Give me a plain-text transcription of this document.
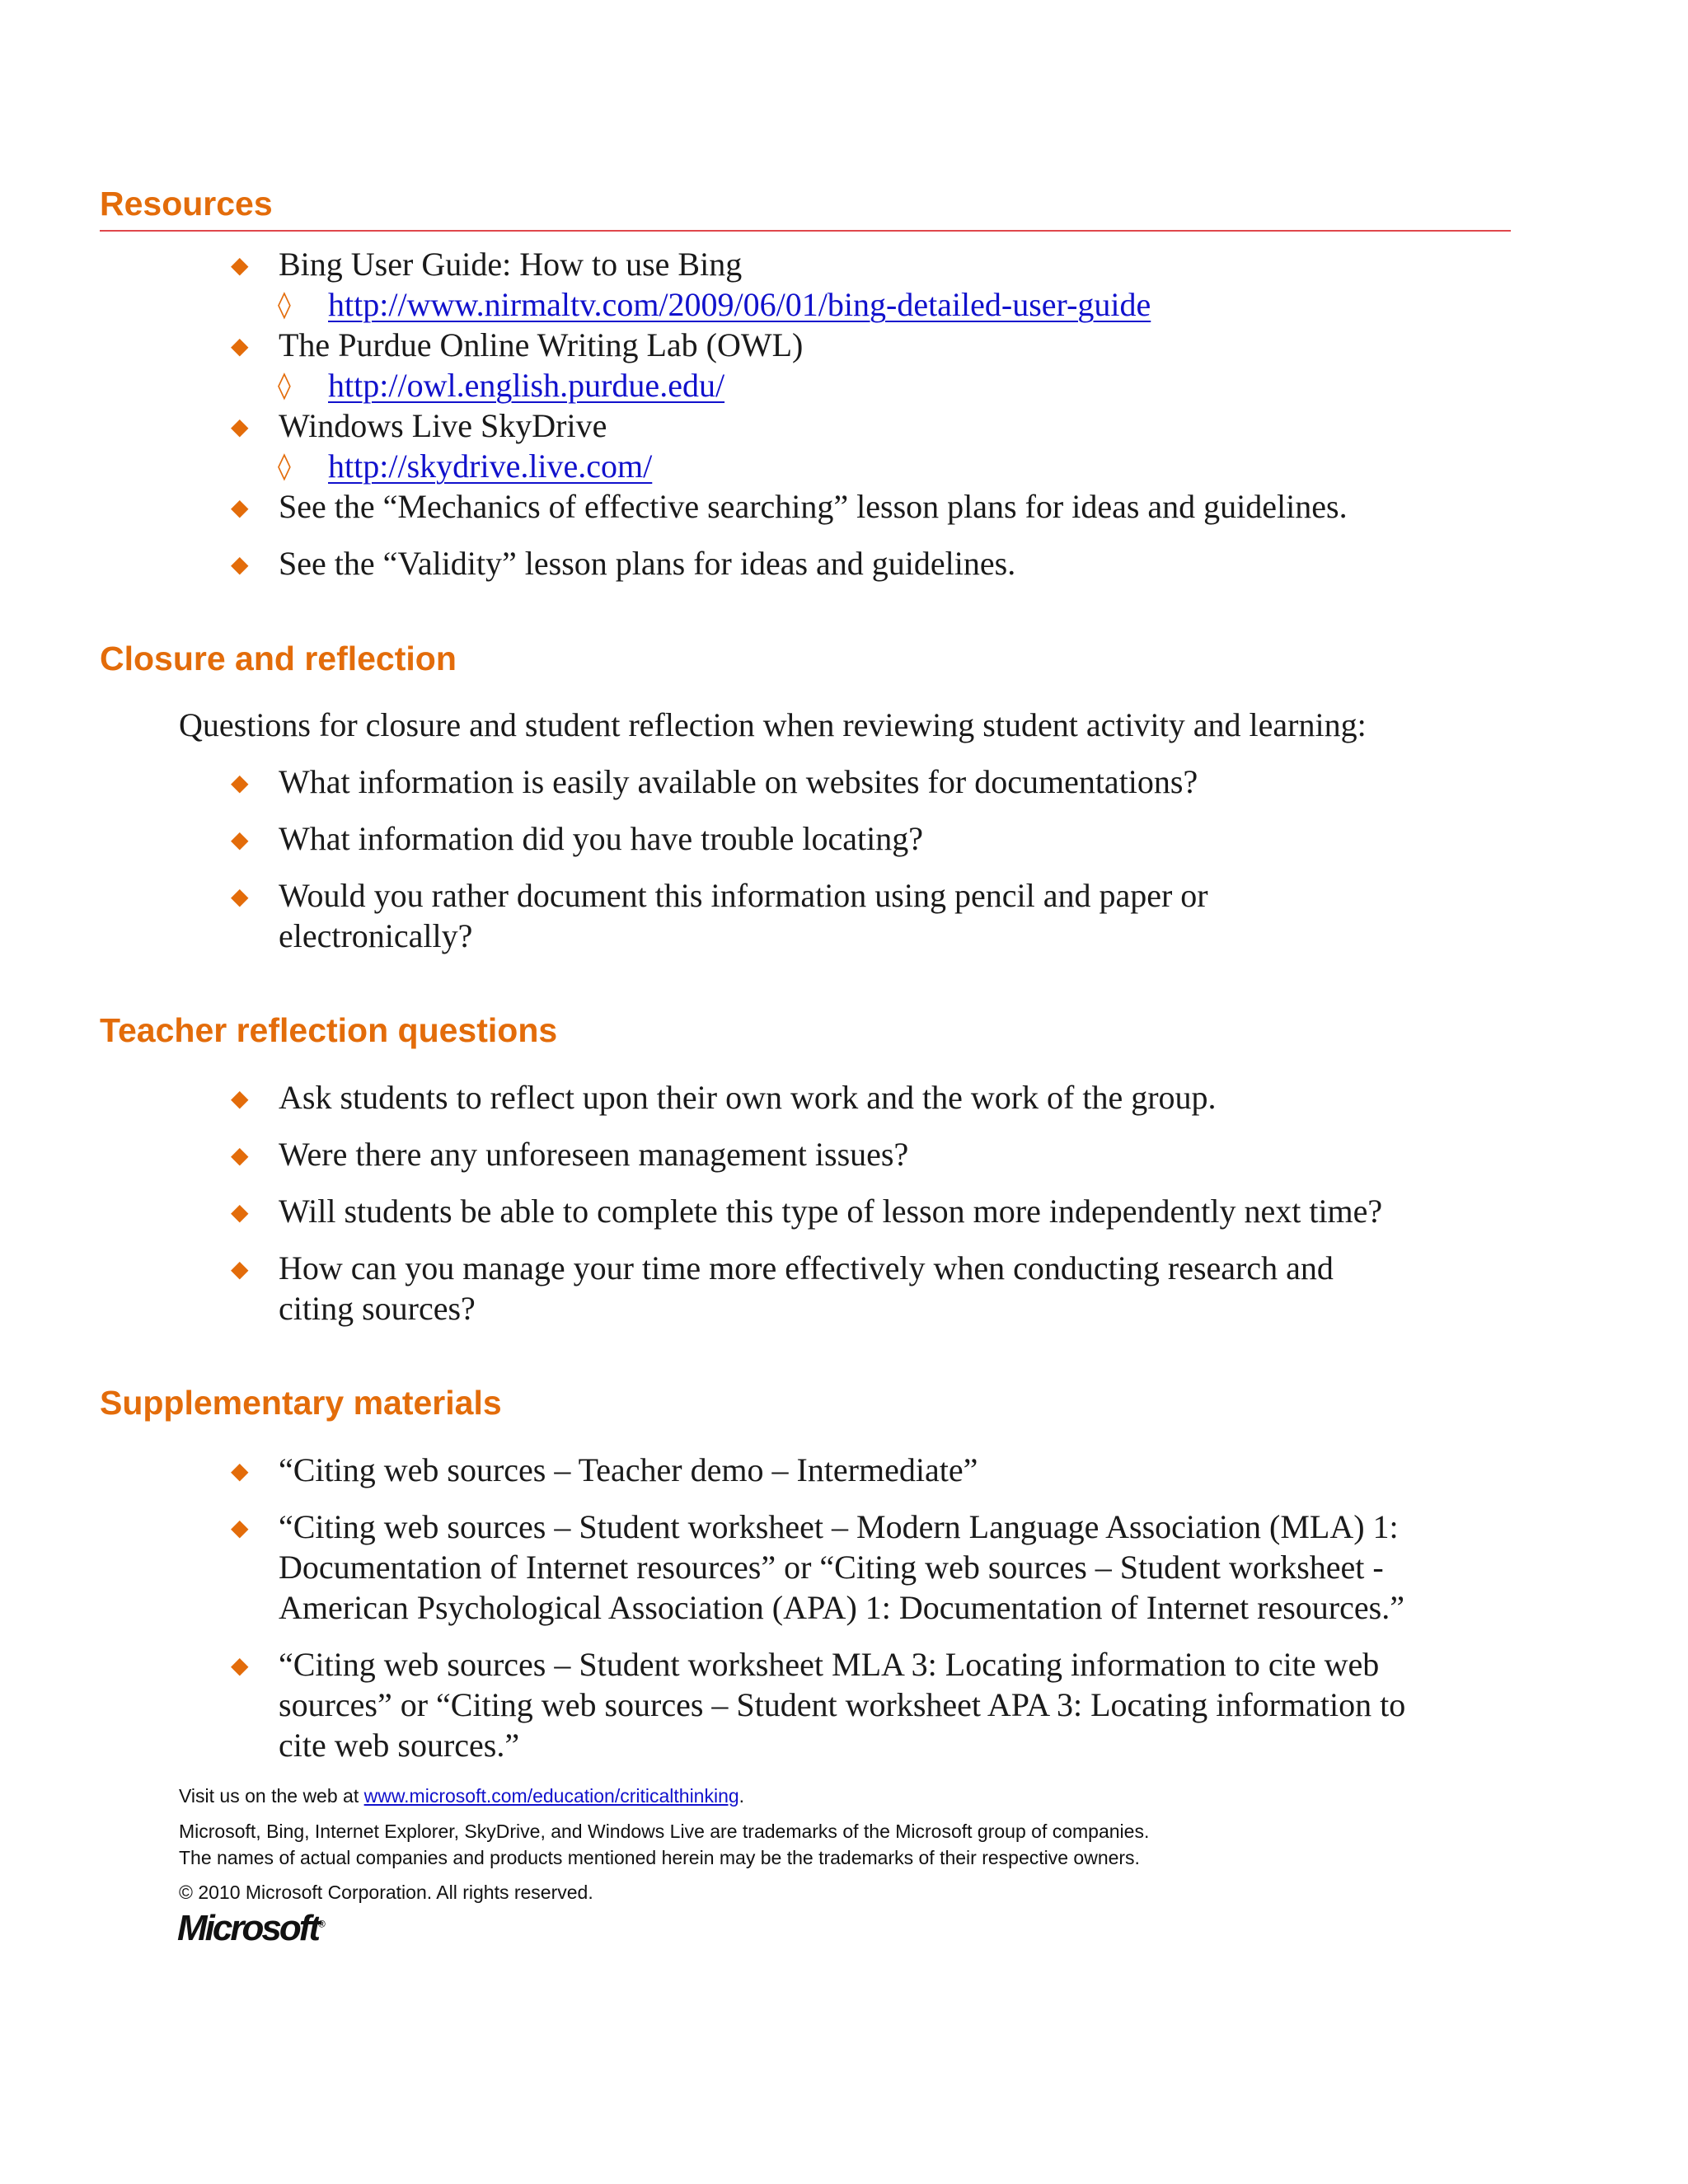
Resources
◆ Bing User Guide: How to use Bing

◊ http://www.nirmaltv.com/2009/06/01/bing-detailed-user-guide
◆ The Purdue Online Writing Lab (OWL)

◊ http://owl.english.purdue.edu/
◆ Windows Live SkyDrive

◊ http://skydrive.live.com/
◆ See the “Mechanics of effective searching” lesson plans for ideas and guidelines.

◆ See the “Validity” lesson plans for ideas and guidelines.

Closure and reflection

Questions for closure and student reflection when reviewing student activity and learning:

◆ What information is easily available on websites for documentations?

◆ What information did you have trouble locating?

◆ Would you rather document this information using pencil and paper or

electronically?

Teacher reflection questions
◆ Ask students to reflect upon their own work and the work of the group.

◆ Were there any unforeseen management issues?

◆ Will students be able to complete this type of lesson more independently next time?

◆ How can you manage your time more effectively when conducting research and

citing sources?

Supplementary materials
◆ “Citing web sources – Teacher demo – Intermediate”

◆ “Citing web sources – Student worksheet – Modern Language Association (MLA) 1:

Documentation of Internet resources” or “Citing web sources – Student worksheet -

American Psychological Association (APA) 1: Documentation of Internet resources.”

◆ “Citing web sources – Student worksheet MLA 3: Locating information to cite web

sources” or “Citing web sources – Student worksheet APA 3: Locating information to

cite web sources.”

Visit us on the web at www.microsoft.com/education/criticalthinking.

Microsoft, Bing, Internet Explorer, SkyDrive, and Windows Live are trademarks of the Microsoft group of companies.

The names of actual companies and products mentioned herein may be the trademarks of their respective owners.

© 2010 Microsoft Corporation. All rights reserved.

Microsoft®
